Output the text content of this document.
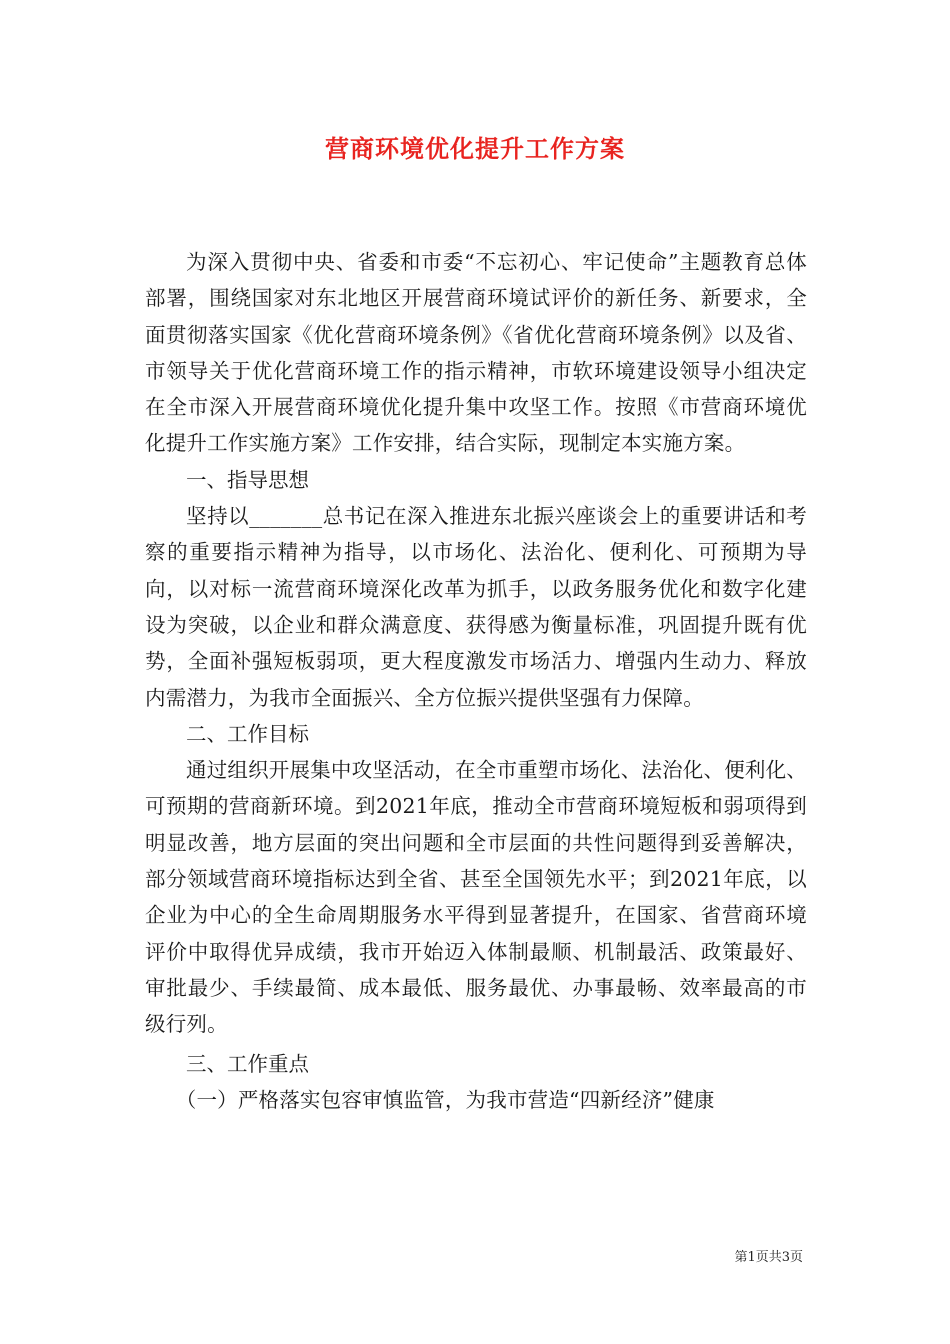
营商环境优化提升工作方案

为深入贯彻中央、省委和市委“不忘初心、牢记使命”主题教育总体部署，围绕国家对东北地区开展营商环境试评价的新任务、新要求，全面贯彻落实国家《优化营商环境条例》《省优化营商环境条例》以及省、市领导关于优化营商环境工作的指示精神，市软环境建设领导小组决定在全市深入开展营商环境优化提升集中攻坚工作。按照《市营商环境优化提升工作实施方案》工作安排，结合实际，现制定本实施方案。

一、指导思想

坚持以_______总书记在深入推进东北振兴座谈会上的重要讲话和考察的重要指示精神为指导，以市场化、法治化、便利化、可预期为导向，以对标一流营商环境深化改革为抓手，以政务服务优化和数字化建设为突破，以企业和群众满意度、获得感为衡量标准，巩固提升既有优势，全面补强短板弱项，更大程度激发市场活力、增强内生动力、释放内需潜力，为我市全面振兴、全方位振兴提供坚强有力保障。

二、工作目标

通过组织开展集中攻坚活动，在全市重塑市场化、法治化、便利化、可预期的营商新环境。到2021年底，推动全市营商环境短板和弱项得到明显改善，地方层面的突出问题和全市层面的共性问题得到妥善解决，部分领域营商环境指标达到全省、甚至全国领先水平；到2021年底，以企业为中心的全生命周期服务水平得到显著提升，在国家、省营商环境评价中取得优异成绩，我市开始迈入体制最顺、机制最活、政策最好、审批最少、手续最简、成本最低、服务最优、办事最畅、效率最高的市级行列。

三、工作重点

（一）严格落实包容审慎监管，为我市营造“四新经济”健康

第1页共3页
